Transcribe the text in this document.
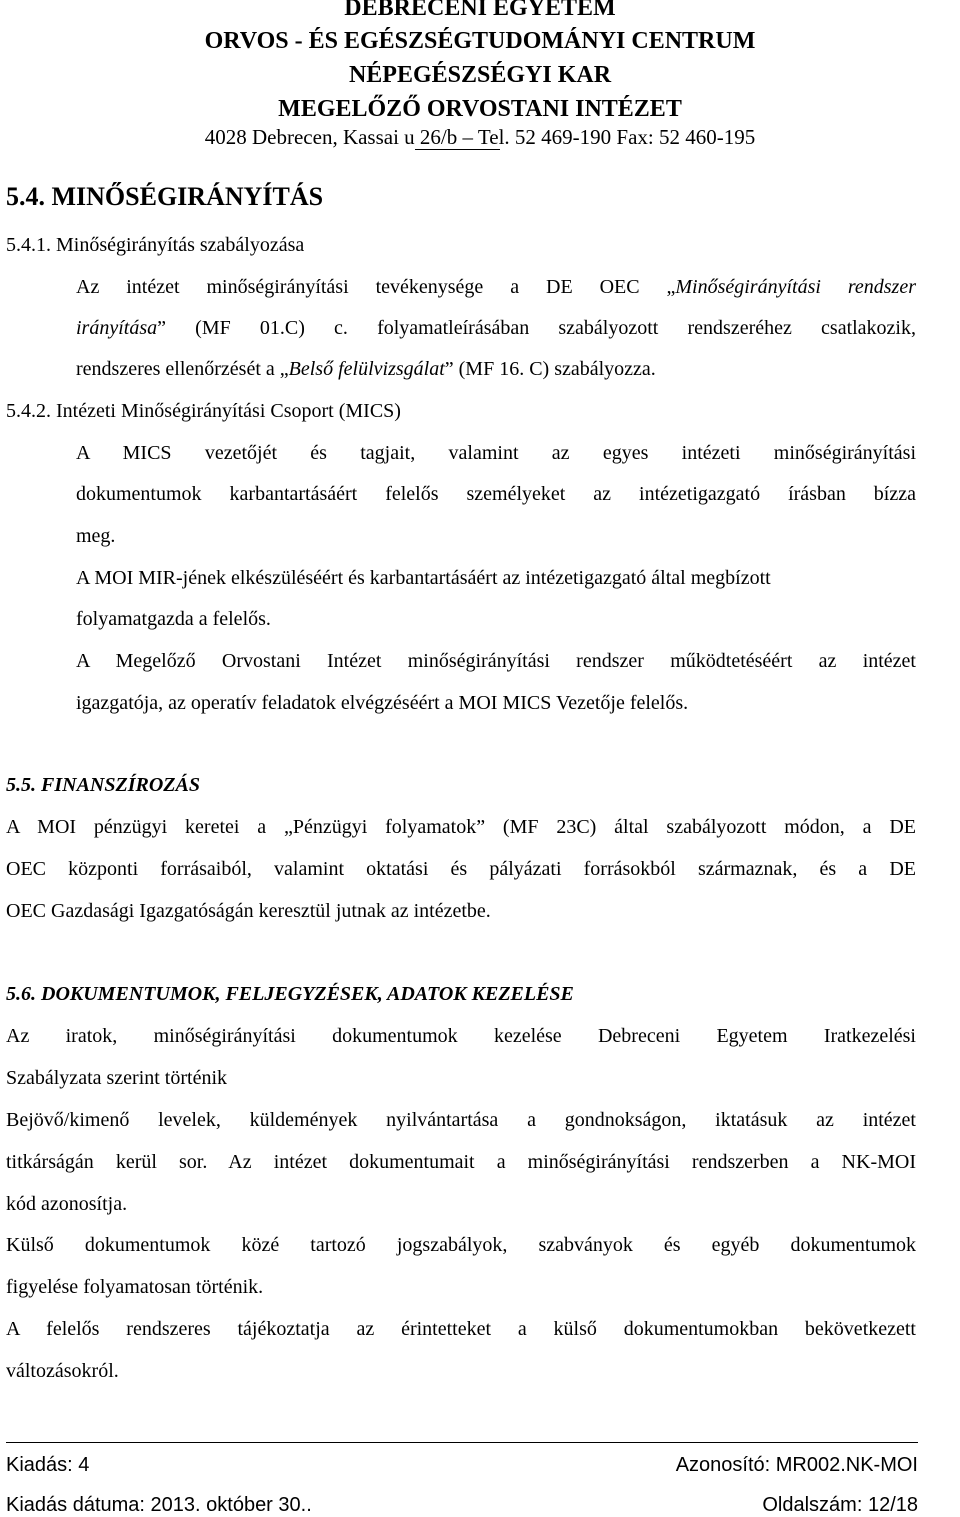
DEBRECENI EGYETEM
ORVOS - ÉS EGÉSZSÉGTUDOMÁNYI CENTRUM
NÉPEGÉSZSÉGYI KAR
MEGELŐZŐ ORVOSTANI INTÉZET
4028 Debrecen, Kassai u 26/b – Tel. 52 469-190 Fax: 52 460-195
5.4. MINŐSÉGIRÁNYÍTÁS
5.4.1. Minőségirányítás szabályozása
Az intézet minőségirányítási tevékenysége a DE OEC „Minőségirányítási rendszer
irányítása” (MF 01.C) c. folyamatleírásában szabályozott rendszeréhez csatlakozik,
rendszeres ellenőrzését a „Belső felülvizsgálat” (MF 16. C) szabályozza.
5.4.2. Intézeti Minőségirányítási Csoport (MICS)
A MICS vezetőjét és tagjait, valamint az egyes intézeti minőségirányítási
dokumentumok karbantartásáért felelős személyeket az intézetigazgató írásban bízza
meg.
A MOI MIR-jének elkészüléséért és karbantartásáért az intézetigazgató által megbízott
folyamatgazda a felelős.
A Megelőző Orvostani Intézet minőségirányítási rendszer működtetéséért az intézet
igazgatója, az operatív feladatok elvégzéséért a MOI MICS Vezetője felelős.
5.5. FINANSZÍROZÁS
A MOI pénzügyi keretei a „Pénzügyi folyamatok” (MF 23C) által szabályozott módon, a DE
OEC központi forrásaiból, valamint oktatási és pályázati forrásokból származnak, és a DE
OEC Gazdasági Igazgatóságán keresztül jutnak az intézetbe.
5.6. DOKUMENTUMOK, FELJEGYZÉSEK, ADATOK KEZELÉSE
Az iratok, minőségirányítási dokumentumok kezelése Debreceni Egyetem Iratkezelési
Szabályzata szerint történik
Bejövő/kimenő levelek, küldemények nyilvántartása a gondnokságon, iktatásuk az intézet
titkárságán kerül sor. Az intézet dokumentumait a minőségirányítási rendszerben a NK-MOI
kód azonosítja.
Külső dokumentumok közé tartozó jogszabályok, szabványok és egyéb dokumentumok
figyelése folyamatosan történik.
A felelős rendszeres tájékoztatja az érintetteket a külső dokumentumokban bekövetkezett
változásokról.
Kiadás: 4	Azonosító: MR002.NK-MOI
Kiadás dátuma: 2013. október 30..	Oldalszám: 12/18
